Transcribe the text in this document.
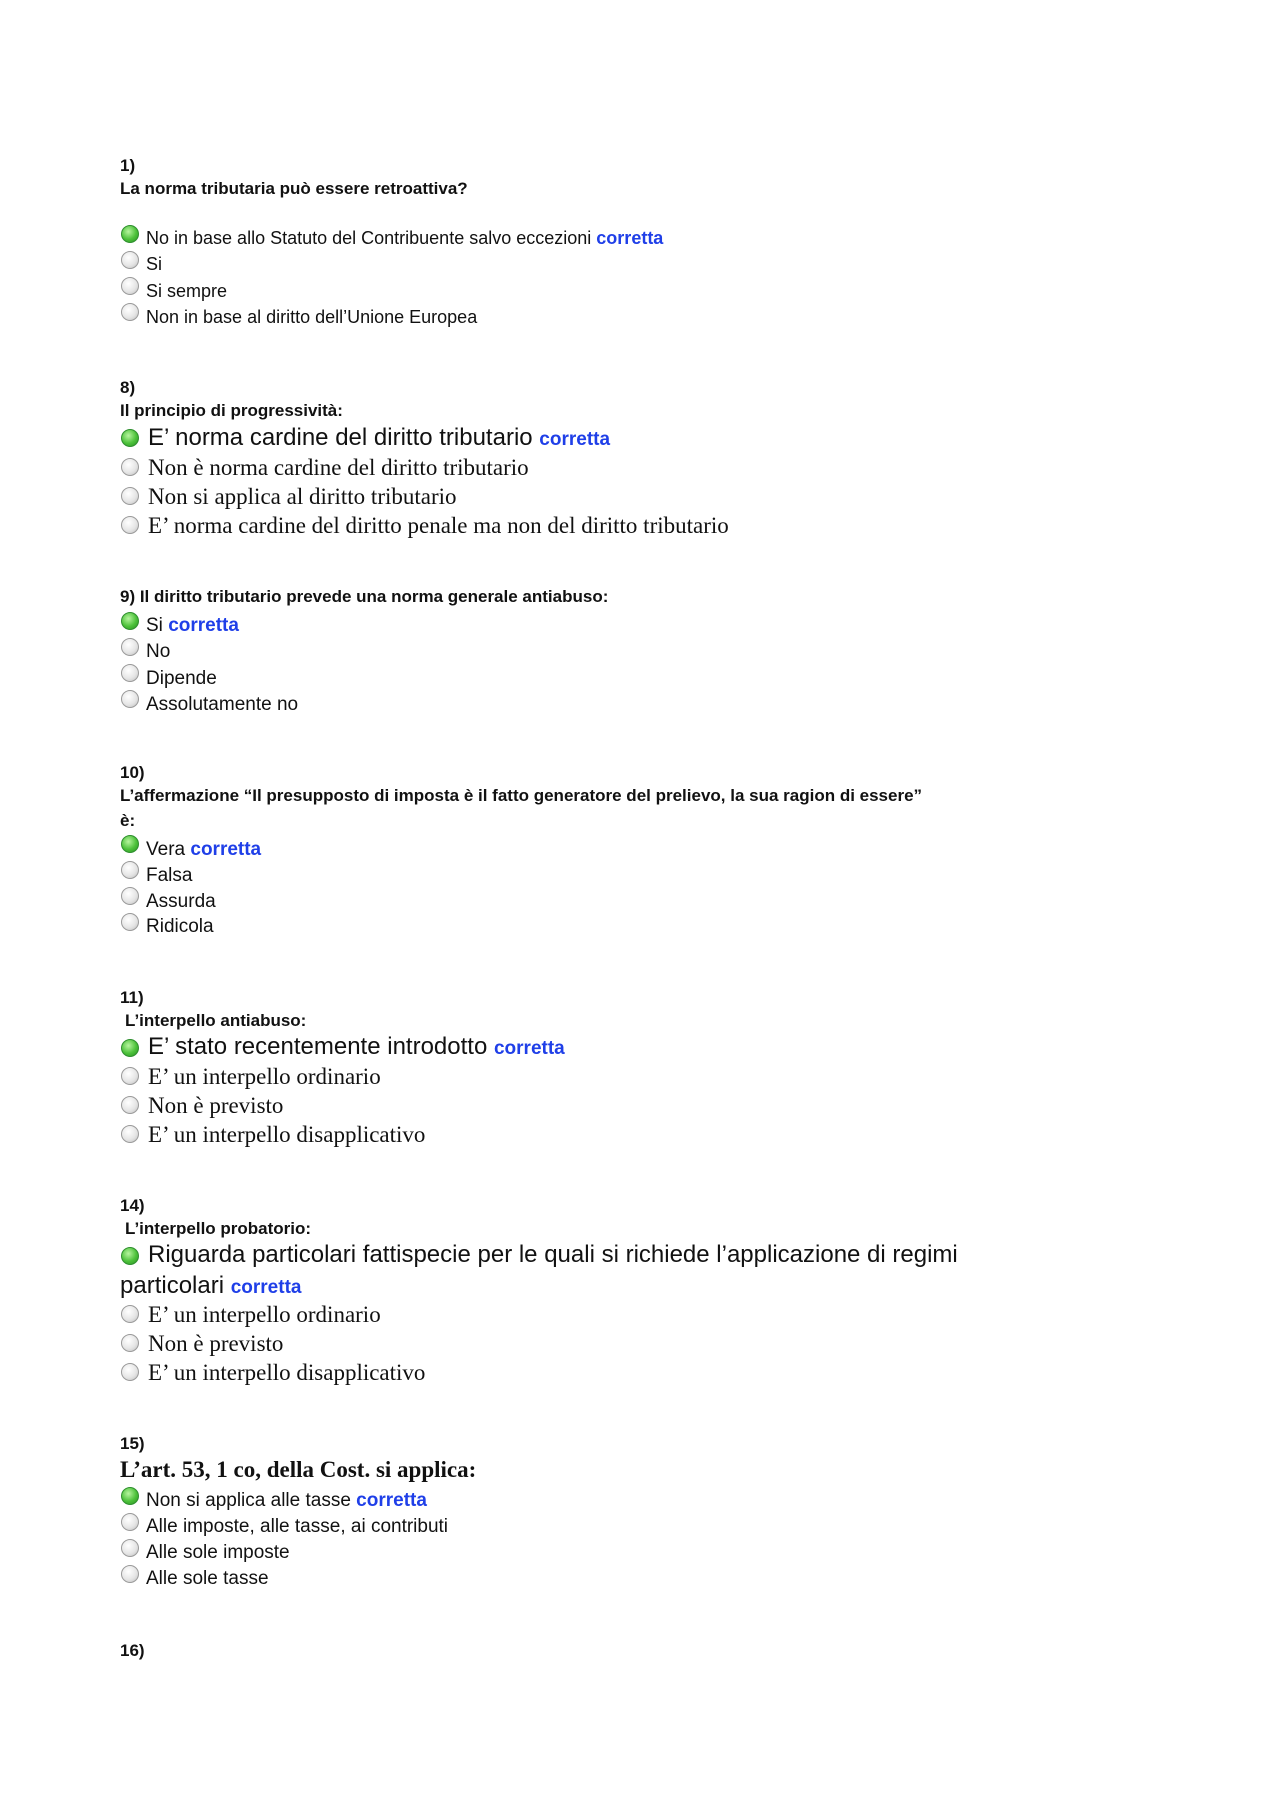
1)
La norma tributaria può essere retroattiva?
No in base allo Statuto del Contribuente salvo eccezioni corretta
Si
Si sempre
Non in base al diritto dell’Unione Europea
8)
Il principio di progressività:
E’ norma cardine del diritto tributario corretta
Non è norma cardine del diritto tributario
Non si applica al diritto tributario
E’ norma cardine del diritto penale ma non del diritto tributario
9) Il diritto tributario prevede una norma generale antiabuso:
Si corretta
No
Dipende
Assolutamente no
10)
L’affermazione “Il presupposto di imposta è il fatto generatore del prelievo, la sua ragion di essere”
è:
Vera corretta
Falsa
Assurda
Ridicola
11)
L’interpello antiabuso:
E’ stato recentemente introdotto corretta
E’ un interpello ordinario
Non è previsto
E’ un interpello disapplicativo
14)
L’interpello probatorio:
Riguarda particolari fattispecie per le quali si richiede l’applicazione di regimi
particolari corretta
E’ un interpello ordinario
Non è previsto
E’ un interpello disapplicativo
15)
L’art. 53, 1 co, della Cost. si applica:
Non si applica alle tasse corretta
Alle imposte, alle tasse, ai contributi
Alle sole imposte
Alle sole tasse
16)
